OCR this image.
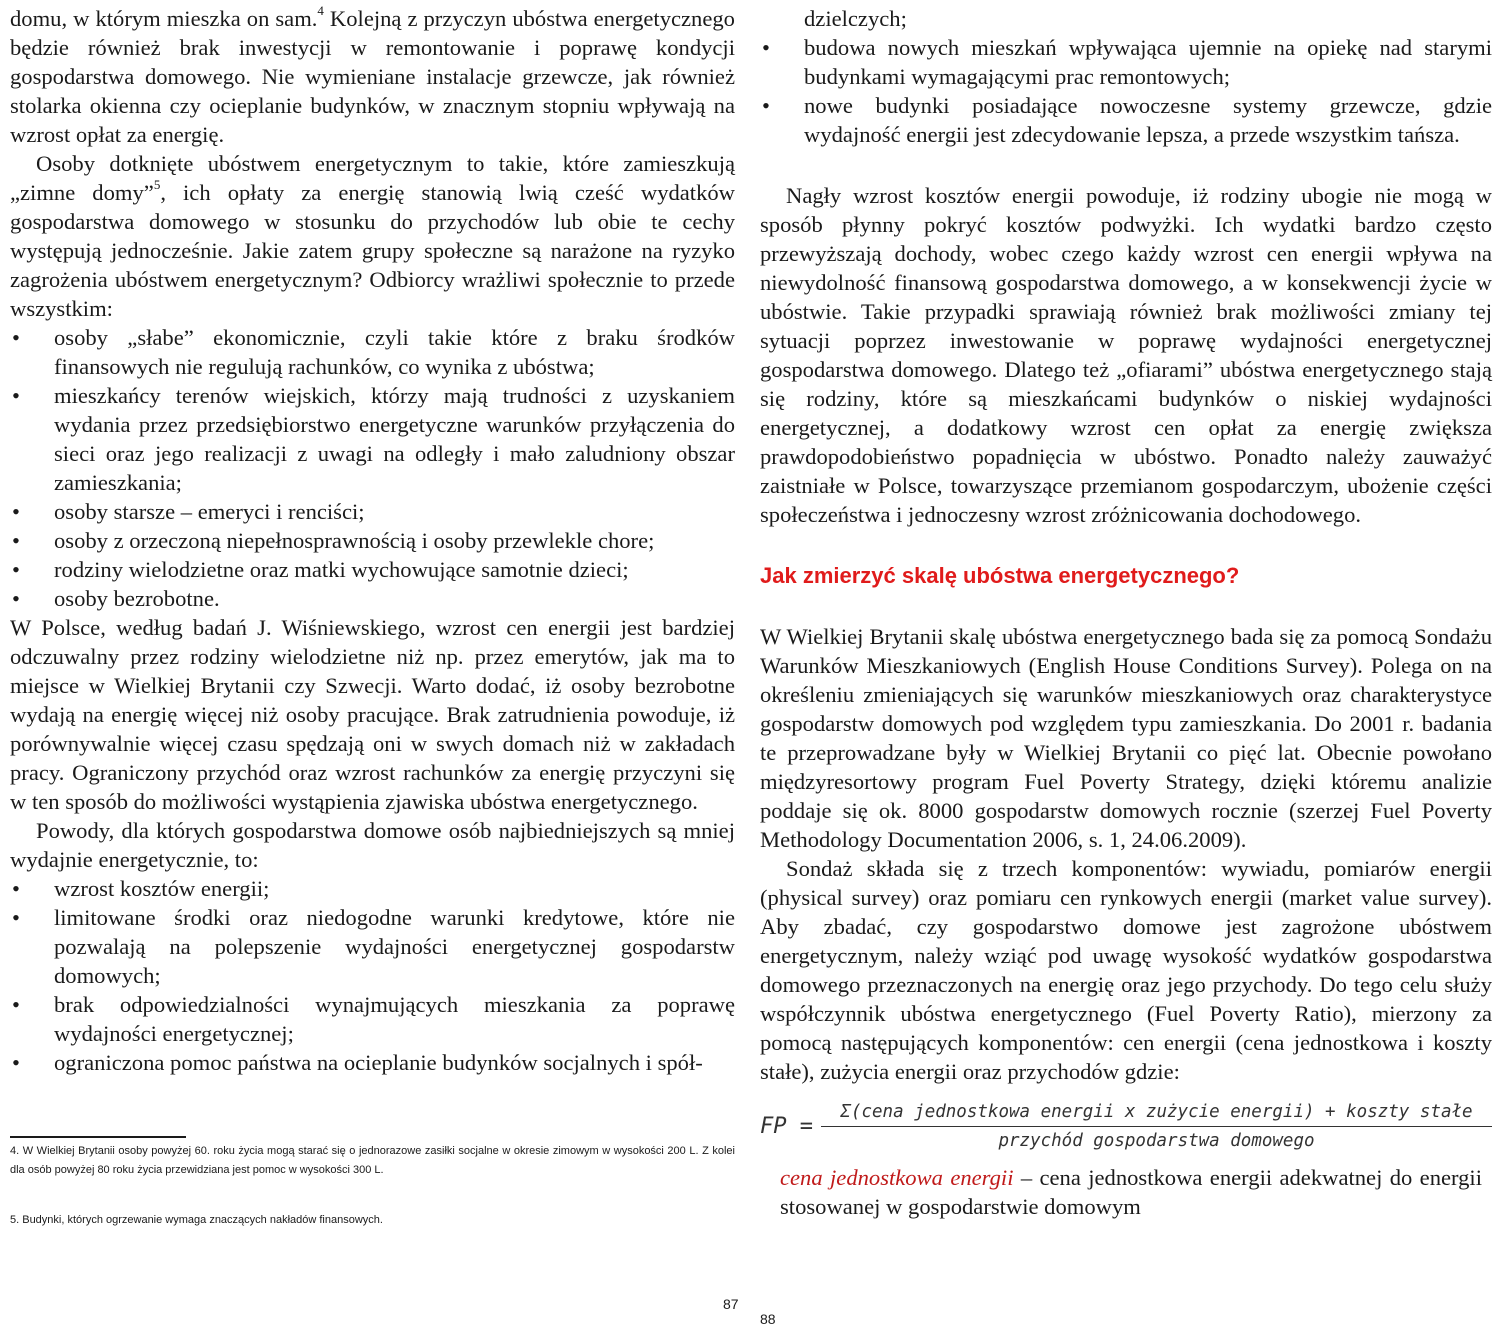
domu, w którym mieszka on sam.$^4$ Kolejną z przyczyn ubóstwa energetycznego będzie również brak inwestycji w remontowanie i poprawę kondycji gospodarstwa domowego. Nie wymieniane instalacje grzewcze, jak również stolarka okienna czy ocieplanie budynków, w znacznym stopniu wpływają na wzrost opłat za energię.

Osoby dotknięte ubóstwem energetycznym to takie, które zamieszkują „zimne domy”$^5$, ich opłaty za energię stanowią lwią cześć wydatków gospodarstwa domowego w stosunku do przychodów lub obie te cechy występują jednocześnie. Jakie zatem grupy społeczne są narażone na ryzyko zagrożenia ubóstwem energetycznym? Odbiorcy wrażliwi społecznie to przede wszystkim:

• osoby „słabe” ekonomicznie, czyli takie które z braku środków finansowych nie regulują rachunków, co wynika z ubóstwa;
• mieszkańcy terenów wiejskich, którzy mają trudności z uzyskaniem wydania przez przedsiębiorstwo energetyczne warunków przyłączenia do sieci oraz jego realizacji z uwagi na odległy i mało zaludniony obszar zamieszkania;
• osoby starsze – emeryci i renciści;
• osoby z orzeczoną niepełnosprawnością i osoby przewlekle chore;
• rodziny wielodzietne oraz matki wychowujące samotnie dzieci;
• osoby bezrobotne.

W Polsce, według badań J. Wiśniewskiego, wzrost cen energii jest bardziej odczuwalny przez rodziny wielodzietne niż np. przez emerytów, jak ma to miejsce w Wielkiej Brytanii czy Szwecji. Warto dodać, iż osoby bezrobotne wydają na energię więcej niż osoby pracujące. Brak zatrudnienia powoduje, iż porównywalnie więcej czasu spędzają oni w swych domach niż w zakładach pracy. Ograniczony przychód oraz wzrost rachunków za energię przyczyni się w ten sposób do możliwości wystąpienia zjawiska ubóstwa energetycznego.

Powody, dla których gospodarstwa domowe osób najbiedniejszych są mniej wydajnie energetycznie, to:

• wzrost kosztów energii;
• limitowane środki oraz niedogodne warunki kredytowe, które nie pozwalają na polepszenie wydajności energetycznej gospodarstw domowych;
• brak odpowiedzialności wynajmujących mieszkania za poprawę wydajności energetycznej;
• ograniczona pomoc państwa na ocieplanie budynków socjalnych i spół-

4. W Wielkiej Brytanii osoby powyżej 60. roku życia mogą starać się o jednorazowe zasiłki socjalne w okresie zimowym w wysokości 200 L. Z kolei dla osób powyżej 80 roku życia przewidziana jest pomoc w wysokości 300 L.

5. Budynki, których ogrzewanie wymaga znaczących nakładów finansowych.

dzielczych;

• budowa nowych mieszkań wpływająca ujemnie na opiekę nad starymi budynkami wymagającymi prac remontowych;
• nowe budynki posiadające nowoczesne systemy grzewcze, gdzie wydajność energii jest zdecydowanie lepsza, a przede wszystkim tańsza.

Nagły wzrost kosztów energii powoduje, iż rodziny ubogie nie mogą w sposób płynny pokryć kosztów podwyżki. Ich wydatki bardzo często przewyższają dochody, wobec czego każdy wzrost cen energii wpływa na niewydolność finansową gospodarstwa domowego, a w konsekwencji życie w ubóstwie. Takie przypadki sprawiają również brak możliwości zmiany tej sytuacji poprzez inwestowanie w poprawę wydajności energetycznej gospodarstwa domowego. Dlatego też „ofiarami” ubóstwa energetycznego stają się rodziny, które są mieszkańcami budynków o niskiej wydajności energetycznej, a dodatkowy wzrost cen opłat za energię zwiększa prawdopodobieństwo popadnięcia w ubóstwo. Ponadto należy zauważyć zaistniałe w Polsce, towarzyszące przemianom gospodarczym, ubożenie części społeczeństwa i jednoczesny wzrost zróżnicowania dochodowego.

Jak zmierzyć skalę ubóstwa energetycznego?

W Wielkiej Brytanii skalę ubóstwa energetycznego bada się za pomocą Sondażu Warunków Mieszkaniowych (English House Conditions Survey). Polega on na określeniu zmieniających się warunków mieszkaniowych oraz charakterystyce gospodarstw domowych pod względem typu zamieszkania. Do 2001 r. badania te przeprowadzane były w Wielkiej Brytanii co pięć lat. Obecnie powołano międzyresortowy program Fuel Poverty Strategy, dzięki któremu analizie poddaje się ok. 8000 gospodarstw domowych rocznie (szerzej Fuel Poverty Methodology Documentation 2006, s. 1, 24.06.2009).

Sondaż składa się z trzech komponentów: wywiadu, pomiarów energii (physical survey) oraz pomiaru cen rynkowych energii (market value survey). Aby zbadać, czy gospodarstwo domowe jest zagrożone ubóstwem energetycznym, należy wziąć pod uwagę wysokość wydatków gospodarstwa domowego przeznaczonych na energię oraz jego przychody. Do tego celu służy współczynnik ubóstwa energetycznego (Fuel Poverty Ratio), mierzony za pomocą następujących komponentów: cen energii (cena jednostkowa i koszty stałe), zużycia energii oraz przychodów gdzie:

FP = $\frac{\text{Σ(cena jednostkowa energii x zużycie energii) + koszty stałe}}{\text{przychód gospodarstwa domowego}}$

cena jednostkowa energii – cena jednostkowa energii adekwatnej do energii stosowanej w gospodarstwie domowym

87
88
